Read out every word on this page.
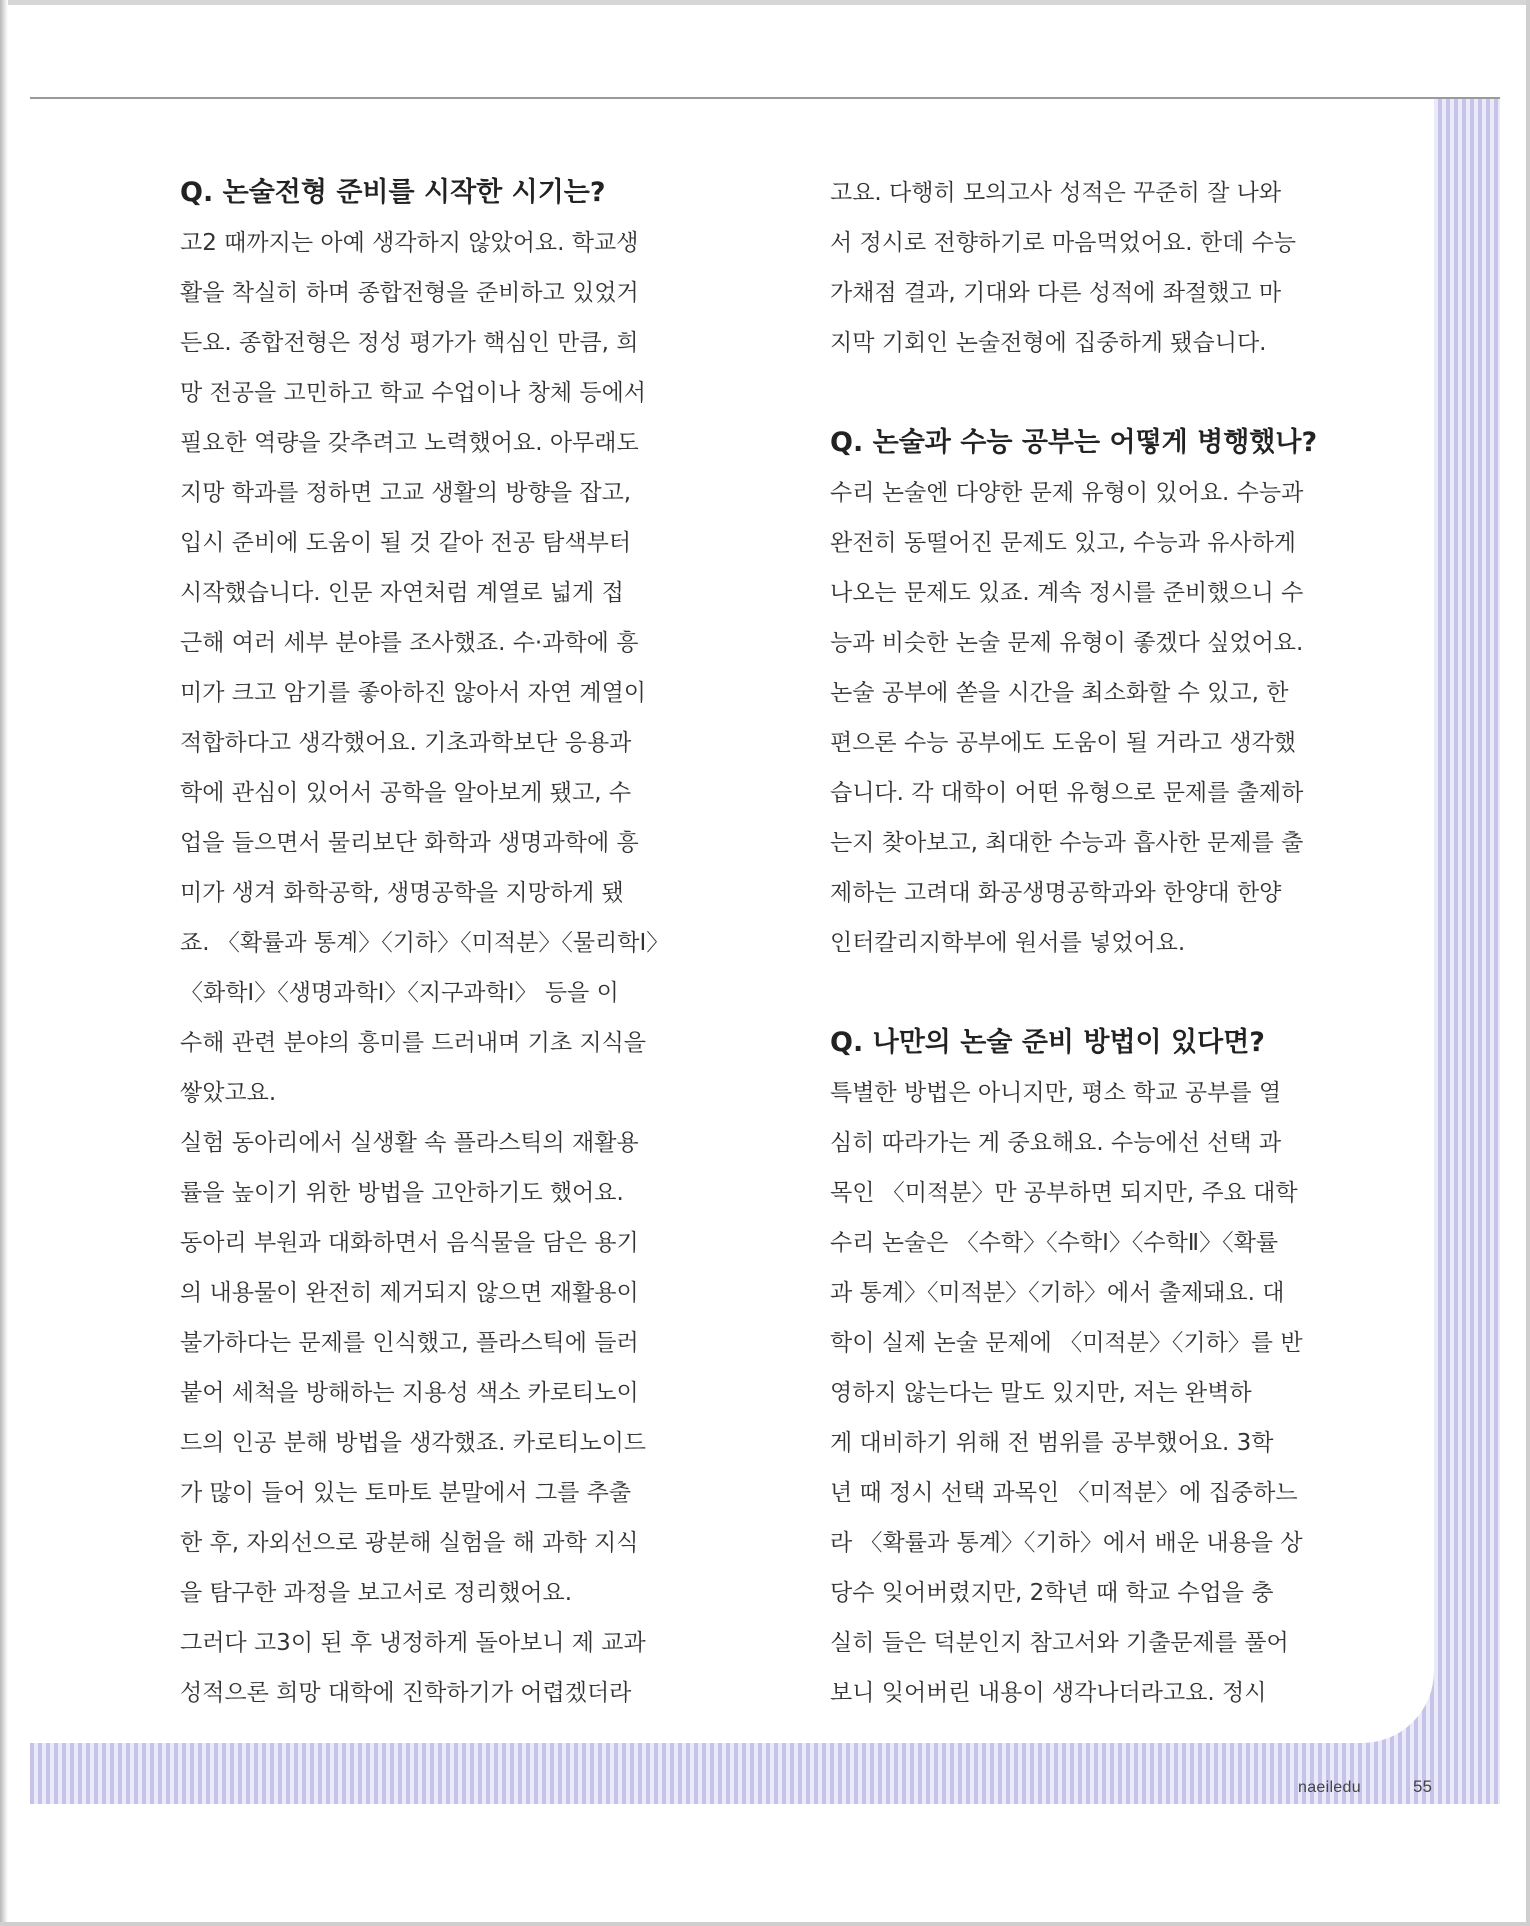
Q. 논술전형 준비를 시작한 시기는?

고2 때까지는 아예 생각하지 않았어요. 학교생

활을 착실히 하며 종합전형을 준비하고 있었거

든요. 종합전형은 정성 평가가 핵심인 만큼, 희

망 전공을 고민하고 학교 수업이나 창체 등에서

필요한 역량을 갖추려고 노력했어요. 아무래도

지망 학과를 정하면 고교 생활의 방향을 잡고,

입시 준비에 도움이 될 것 같아 전공 탐색부터

시작했습니다. 인문 자연처럼 계열로 넓게 접

근해 여러 세부 분야를 조사했죠. 수·과학에 흥

미가 크고 암기를 좋아하진 않아서 자연 계열이

적합하다고 생각했어요. 기초과학보단 응용과

학에 관심이 있어서 공학을 알아보게 됐고, 수

업을 들으면서 물리보단 화학과 생명과학에 흥

미가 생겨 화학공학, 생명공학을 지망하게 됐

죠. 〈확률과 통계〉〈기하〉〈미적분〉〈물리학Ⅰ〉

〈화학Ⅰ〉〈생명과학Ⅰ〉〈지구과학Ⅰ〉 등을 이

수해 관련 분야의 흥미를 드러내며 기초 지식을

쌓았고요.

실험 동아리에서 실생활 속 플라스틱의 재활용

률을 높이기 위한 방법을 고안하기도 했어요.

동아리 부원과 대화하면서 음식물을 담은 용기

의 내용물이 완전히 제거되지 않으면 재활용이

불가하다는 문제를 인식했고, 플라스틱에 들러

붙어 세척을 방해하는 지용성 색소 카로티노이

드의 인공 분해 방법을 생각했죠. 카로티노이드

가 많이 들어 있는 토마토 분말에서 그를 추출

한 후, 자외선으로 광분해 실험을 해 과학 지식

을 탐구한 과정을 보고서로 정리했어요.

그러다 고3이 된 후 냉정하게 돌아보니 제 교과

성적으론 희망 대학에 진학하기가 어렵겠더라

고요. 다행히 모의고사 성적은 꾸준히 잘 나와

서 정시로 전향하기로 마음먹었어요. 한데 수능

가채점 결과, 기대와 다른 성적에 좌절했고 마

지막 기회인 논술전형에 집중하게 됐습니다.

Q. 논술과 수능 공부는 어떻게 병행했나?

수리 논술엔 다양한 문제 유형이 있어요. 수능과

완전히 동떨어진 문제도 있고, 수능과 유사하게

나오는 문제도 있죠. 계속 정시를 준비했으니 수

능과 비슷한 논술 문제 유형이 좋겠다 싶었어요.

논술 공부에 쏟을 시간을 최소화할 수 있고, 한

편으론 수능 공부에도 도움이 될 거라고 생각했

습니다. 각 대학이 어떤 유형으로 문제를 출제하

는지 찾아보고, 최대한 수능과 흡사한 문제를 출

제하는 고려대 화공생명공학과와 한양대 한양

인터칼리지학부에 원서를 넣었어요.

Q. 나만의 논술 준비 방법이 있다면?

특별한 방법은 아니지만, 평소 학교 공부를 열

심히 따라가는 게 중요해요. 수능에선 선택 과

목인 〈미적분〉만 공부하면 되지만, 주요 대학

수리 논술은 〈수학〉〈수학Ⅰ〉〈수학Ⅱ〉〈확률

과 통계〉〈미적분〉〈기하〉에서 출제돼요. 대

학이 실제 논술 문제에 〈미적분〉〈기하〉를 반

영하지 않는다는 말도 있지만, 저는 완벽하

게 대비하기 위해 전 범위를 공부했어요. 3학

년 때 정시 선택 과목인 〈미적분〉에 집중하느

라 〈확률과 통계〉〈기하〉에서 배운 내용을 상

당수 잊어버렸지만, 2학년 때 학교 수업을 충

실히 들은 덕분인지 참고서와 기출문제를 풀어

보니 잊어버린 내용이 생각나더라고요. 정시

naeiledu	55
